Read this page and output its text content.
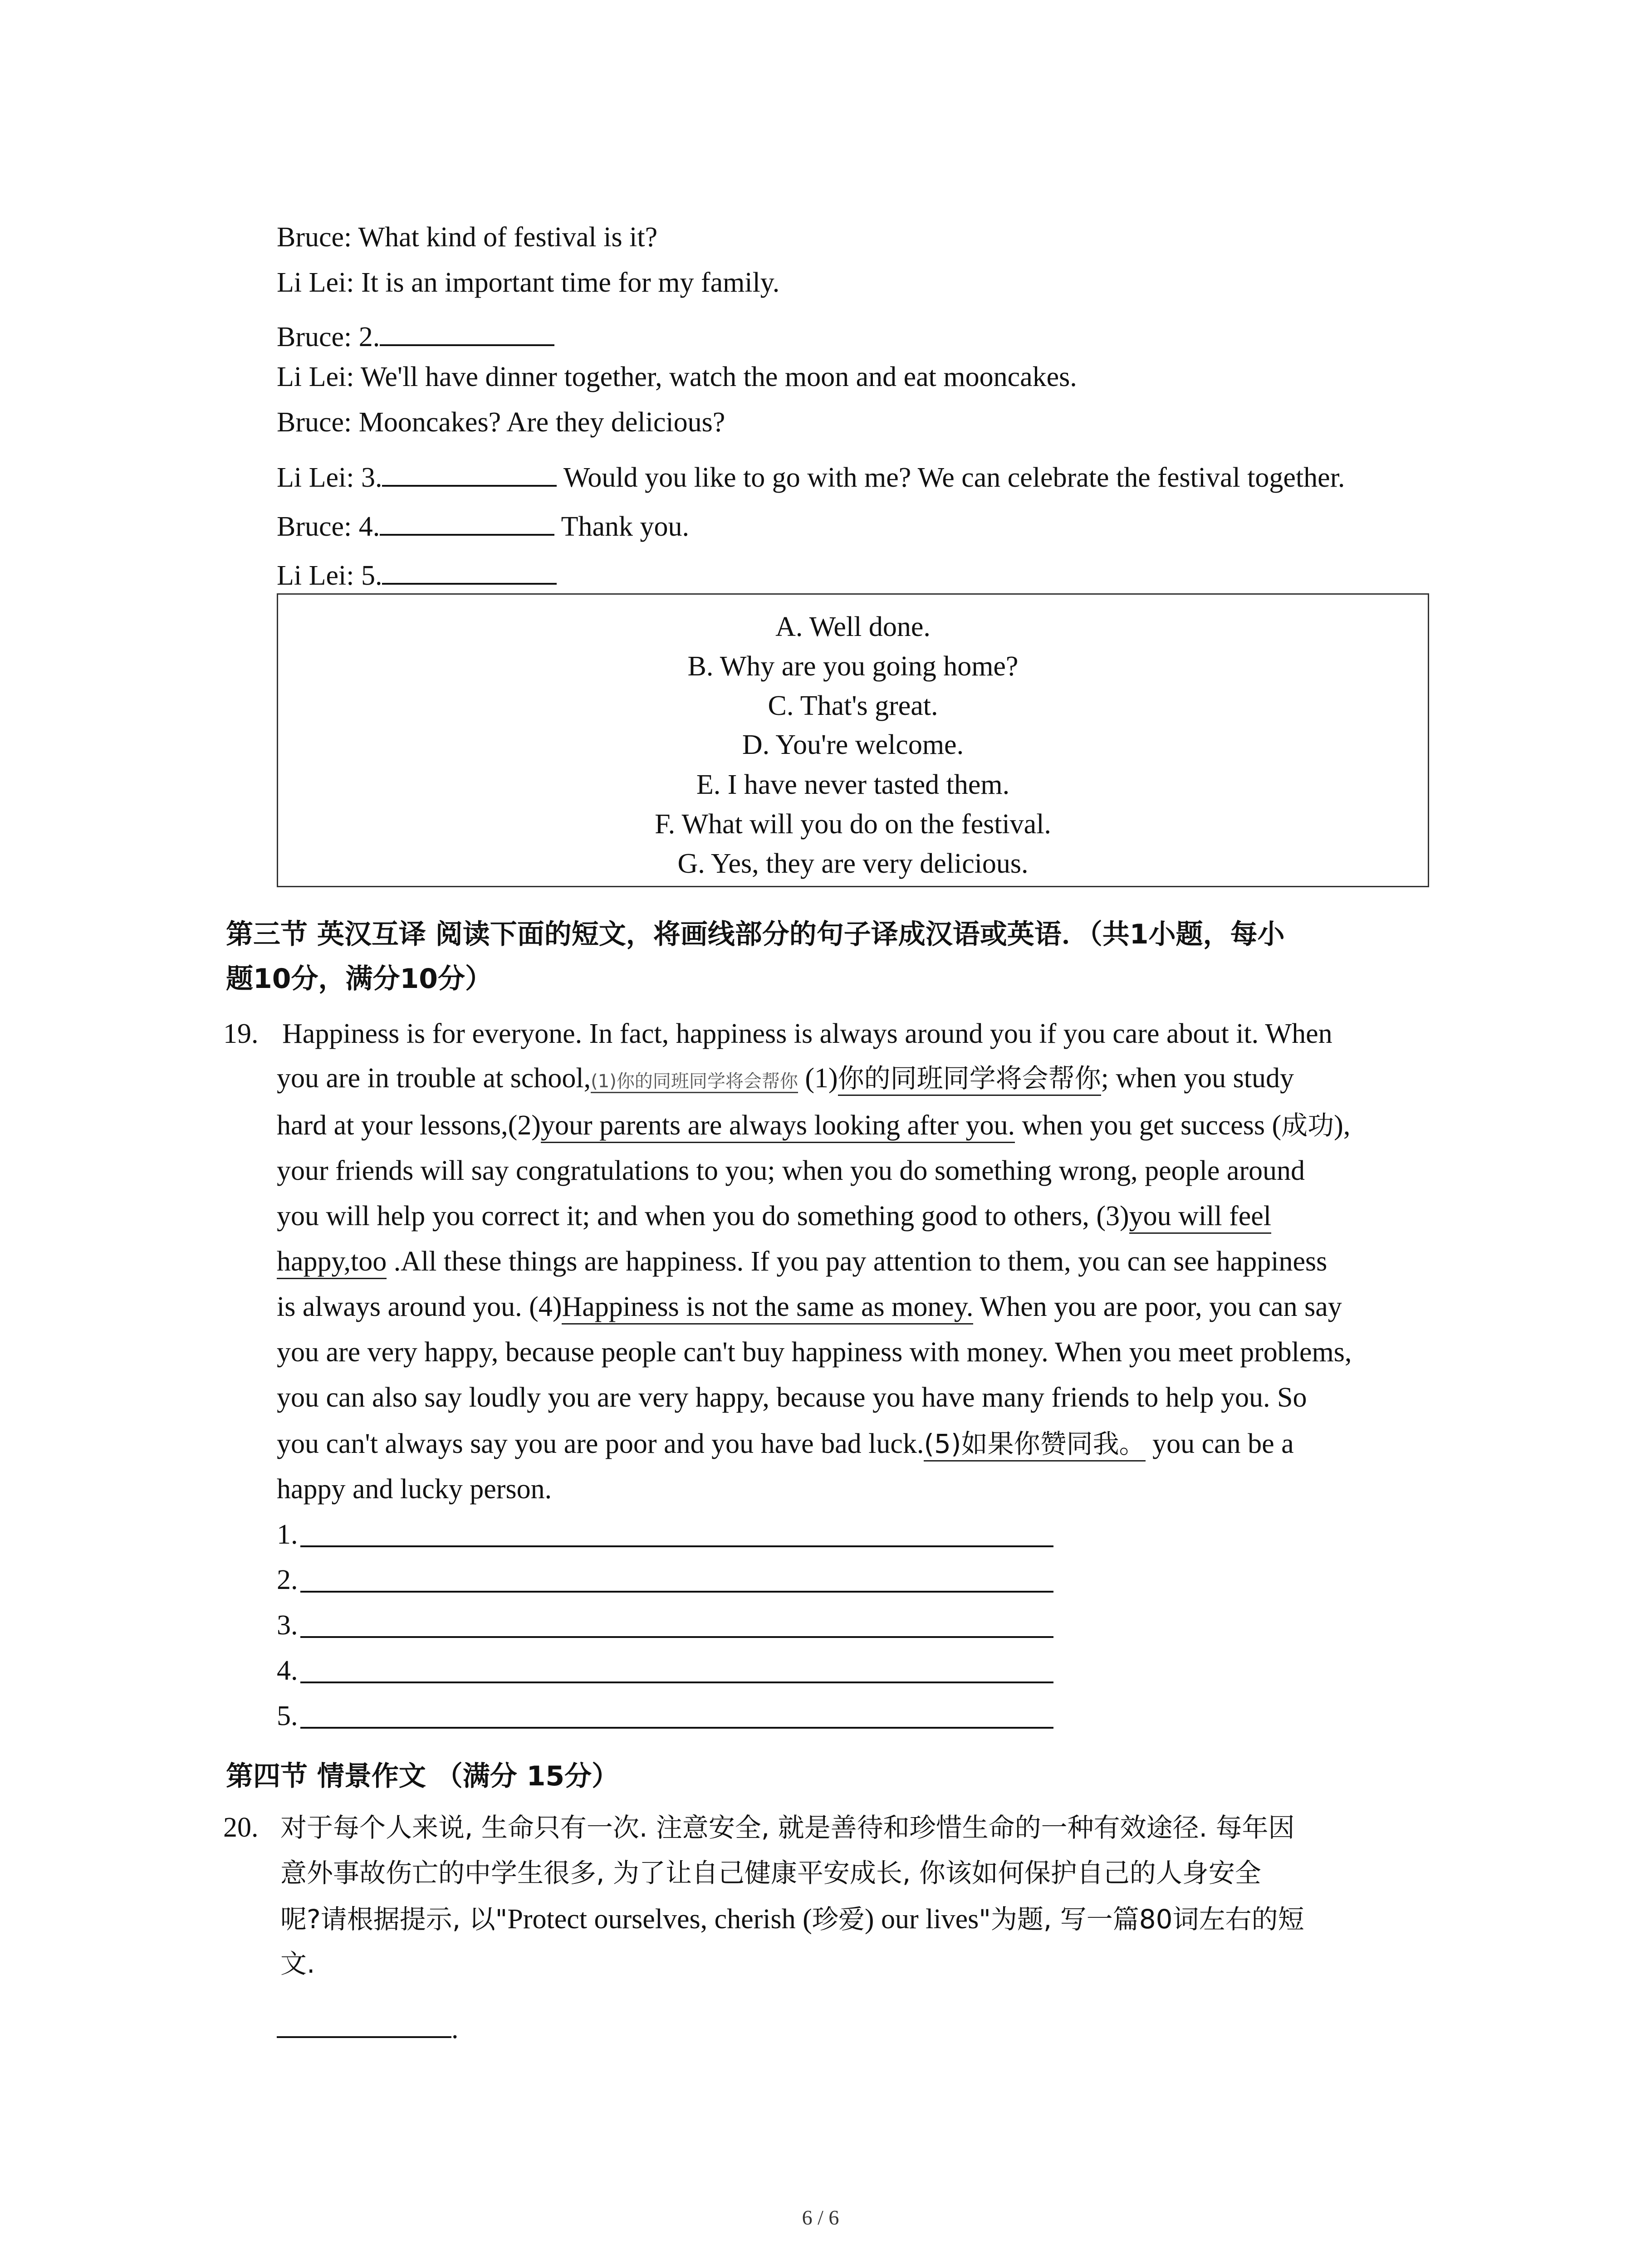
Bruce: What kind of festival is it?

Li Lei: It is an important time for my family.

Bruce: 2.

Li Lei: We'll have dinner together, watch the moon and eat mooncakes.

Bruce: Mooncakes? Are they delicious?

Li Lei: 3.	Would you like to go with me? We can celebrate the festival together.

Bruce: 4.	Thank you.

Li Lei: 5.

A. Well done.
B. Why are you going home?
C. That's great.
D. You're welcome.
E. I have never tasted them.
F. What will you do on the festival.
G. Yes, they are very delicious.
第三节 英汉互译 阅读下面的短文，将画线部分的句子译成汉语或英语．（共1小题，每小
题10分，满分10分）

19. Happiness is for everyone. In fact, happiness is always around you if you care about it. When

you are in trouble at school,(1)你的同班同学将会帮你 (1)你的同班同学将会帮你; when you study

hard at your lessons,(2)your parents are always looking after you. when you get success (成功),

your friends will say congratulations to you; when you do something wrong, people around

you will help you correct it; and when you do something good to others, (3)you will feel

happy,too .All these things are happiness. If you pay attention to them, you can see happiness

is always around you. (4)Happiness is not the same as money. When you are poor, you can say

you are very happy, because people can't buy happiness with money. When you meet problems,

you can also say loudly you are very happy, because you have many friends to help you. So

you can't always say you are poor and you have bad luck.(5)如果你赞同我。 you can be a

happy and lucky person.

1.

2.

3.

4.

5.

第四节 情景作文 （满分 15分）

20. 对于每个人来说, 生命只有一次. 注意安全, 就是善待和珍惜生命的一种有效途径. 每年因

意外事故伤亡的中学生很多, 为了让自己健康平安成长, 你该如何保护自己的人身安全

呢?请根据提示, 以"Protect ourselves, cherish (珍爱) our lives"为题, 写一篇80词左右的短

文.

.

6 / 6
